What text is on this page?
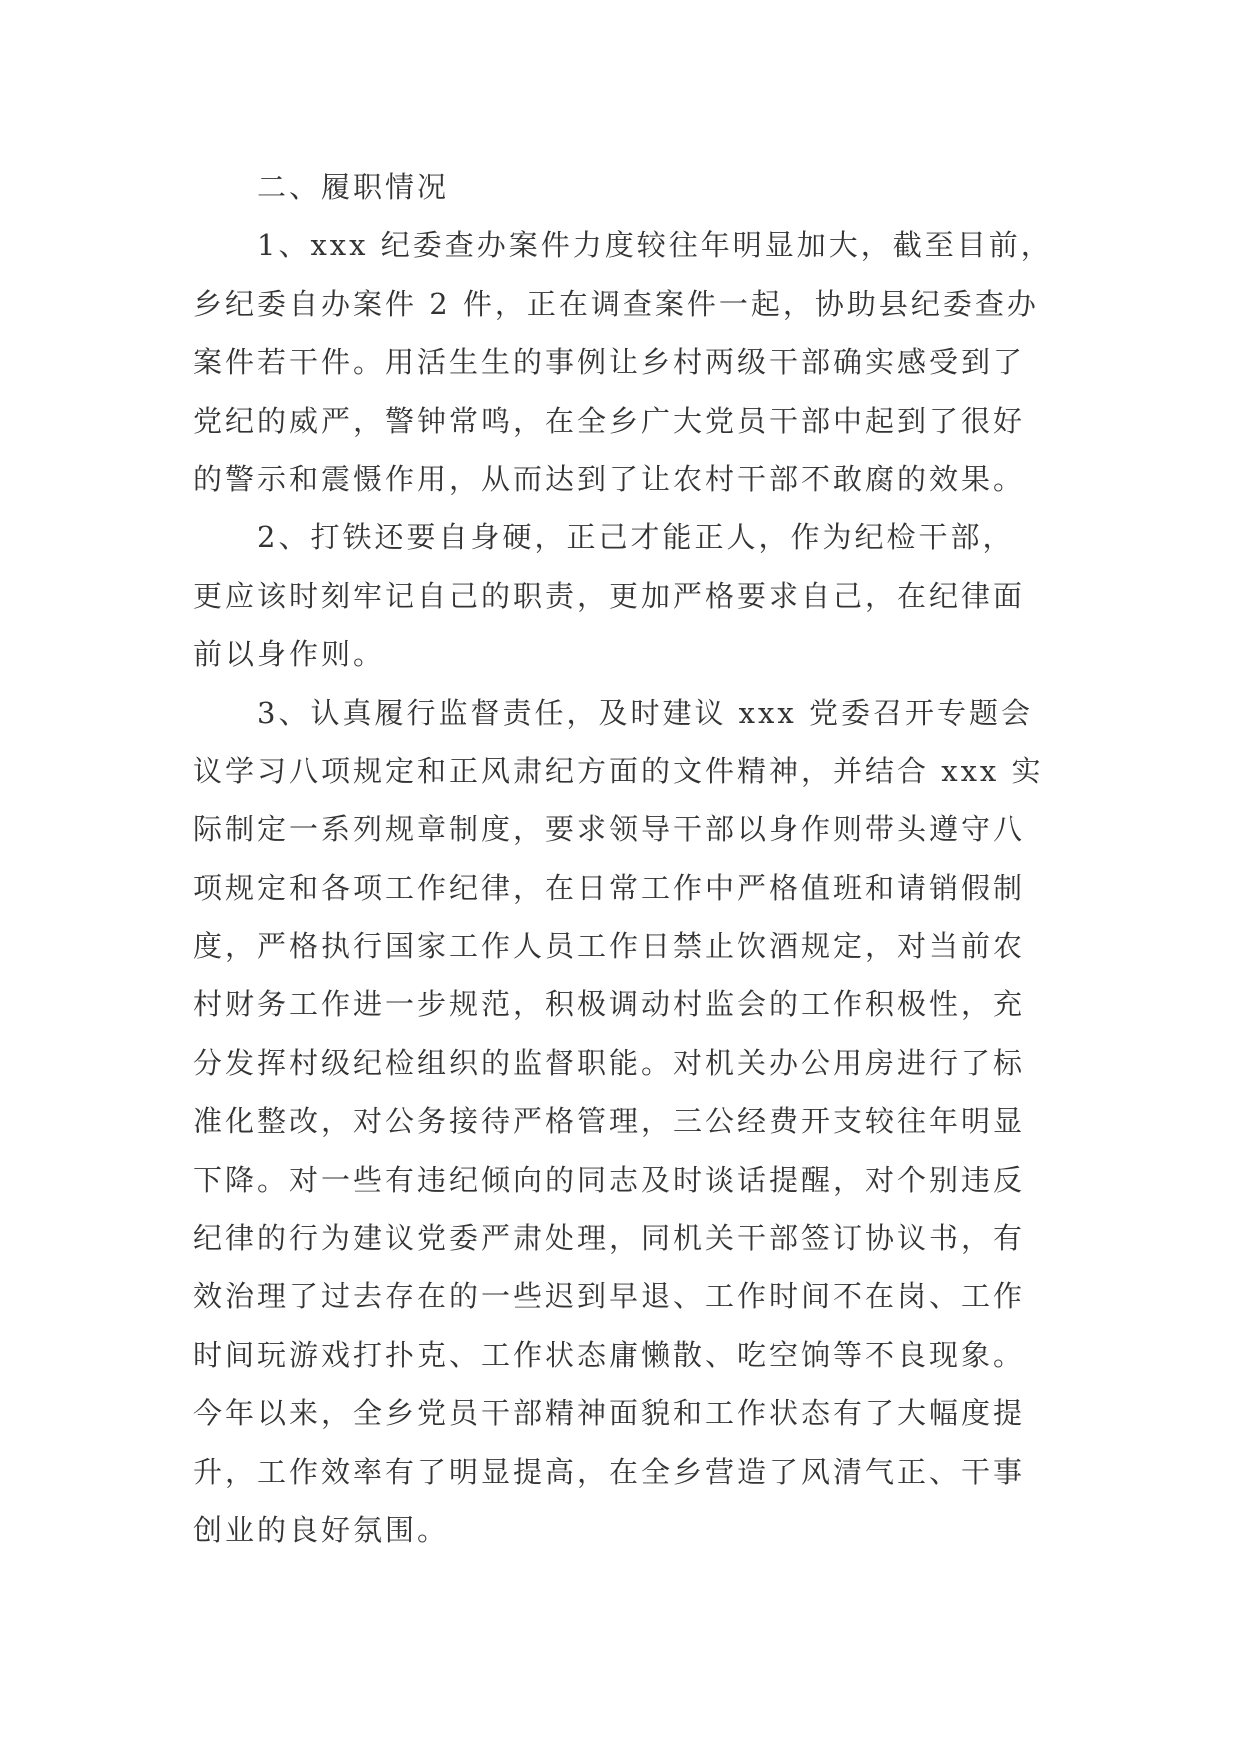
二、履职情况
1、xxx 纪委查办案件力度较往年明显加大，截至目前，
乡纪委自办案件 2 件，正在调查案件一起，协助县纪委查办
案件若干件。用活生生的事例让乡村两级干部确实感受到了
党纪的威严，警钟常鸣，在全乡广大党员干部中起到了很好
的警示和震慑作用，从而达到了让农村干部不敢腐的效果。
2、打铁还要自身硬，正己才能正人，作为纪检干部，
更应该时刻牢记自己的职责，更加严格要求自己，在纪律面
前以身作则。
3、认真履行监督责任，及时建议 xxx 党委召开专题会
议学习八项规定和正风肃纪方面的文件精神，并结合 xxx 实
际制定一系列规章制度，要求领导干部以身作则带头遵守八
项规定和各项工作纪律，在日常工作中严格值班和请销假制
度，严格执行国家工作人员工作日禁止饮酒规定，对当前农
村财务工作进一步规范，积极调动村监会的工作积极性，充
分发挥村级纪检组织的监督职能。对机关办公用房进行了标
准化整改，对公务接待严格管理，三公经费开支较往年明显
下降。对一些有违纪倾向的同志及时谈话提醒，对个别违反
纪律的行为建议党委严肃处理，同机关干部签订协议书，有
效治理了过去存在的一些迟到早退、工作时间不在岗、工作
时间玩游戏打扑克、工作状态庸懒散、吃空饷等不良现象。
今年以来，全乡党员干部精神面貌和工作状态有了大幅度提
升，工作效率有了明显提高，在全乡营造了风清气正、干事
创业的良好氛围。
